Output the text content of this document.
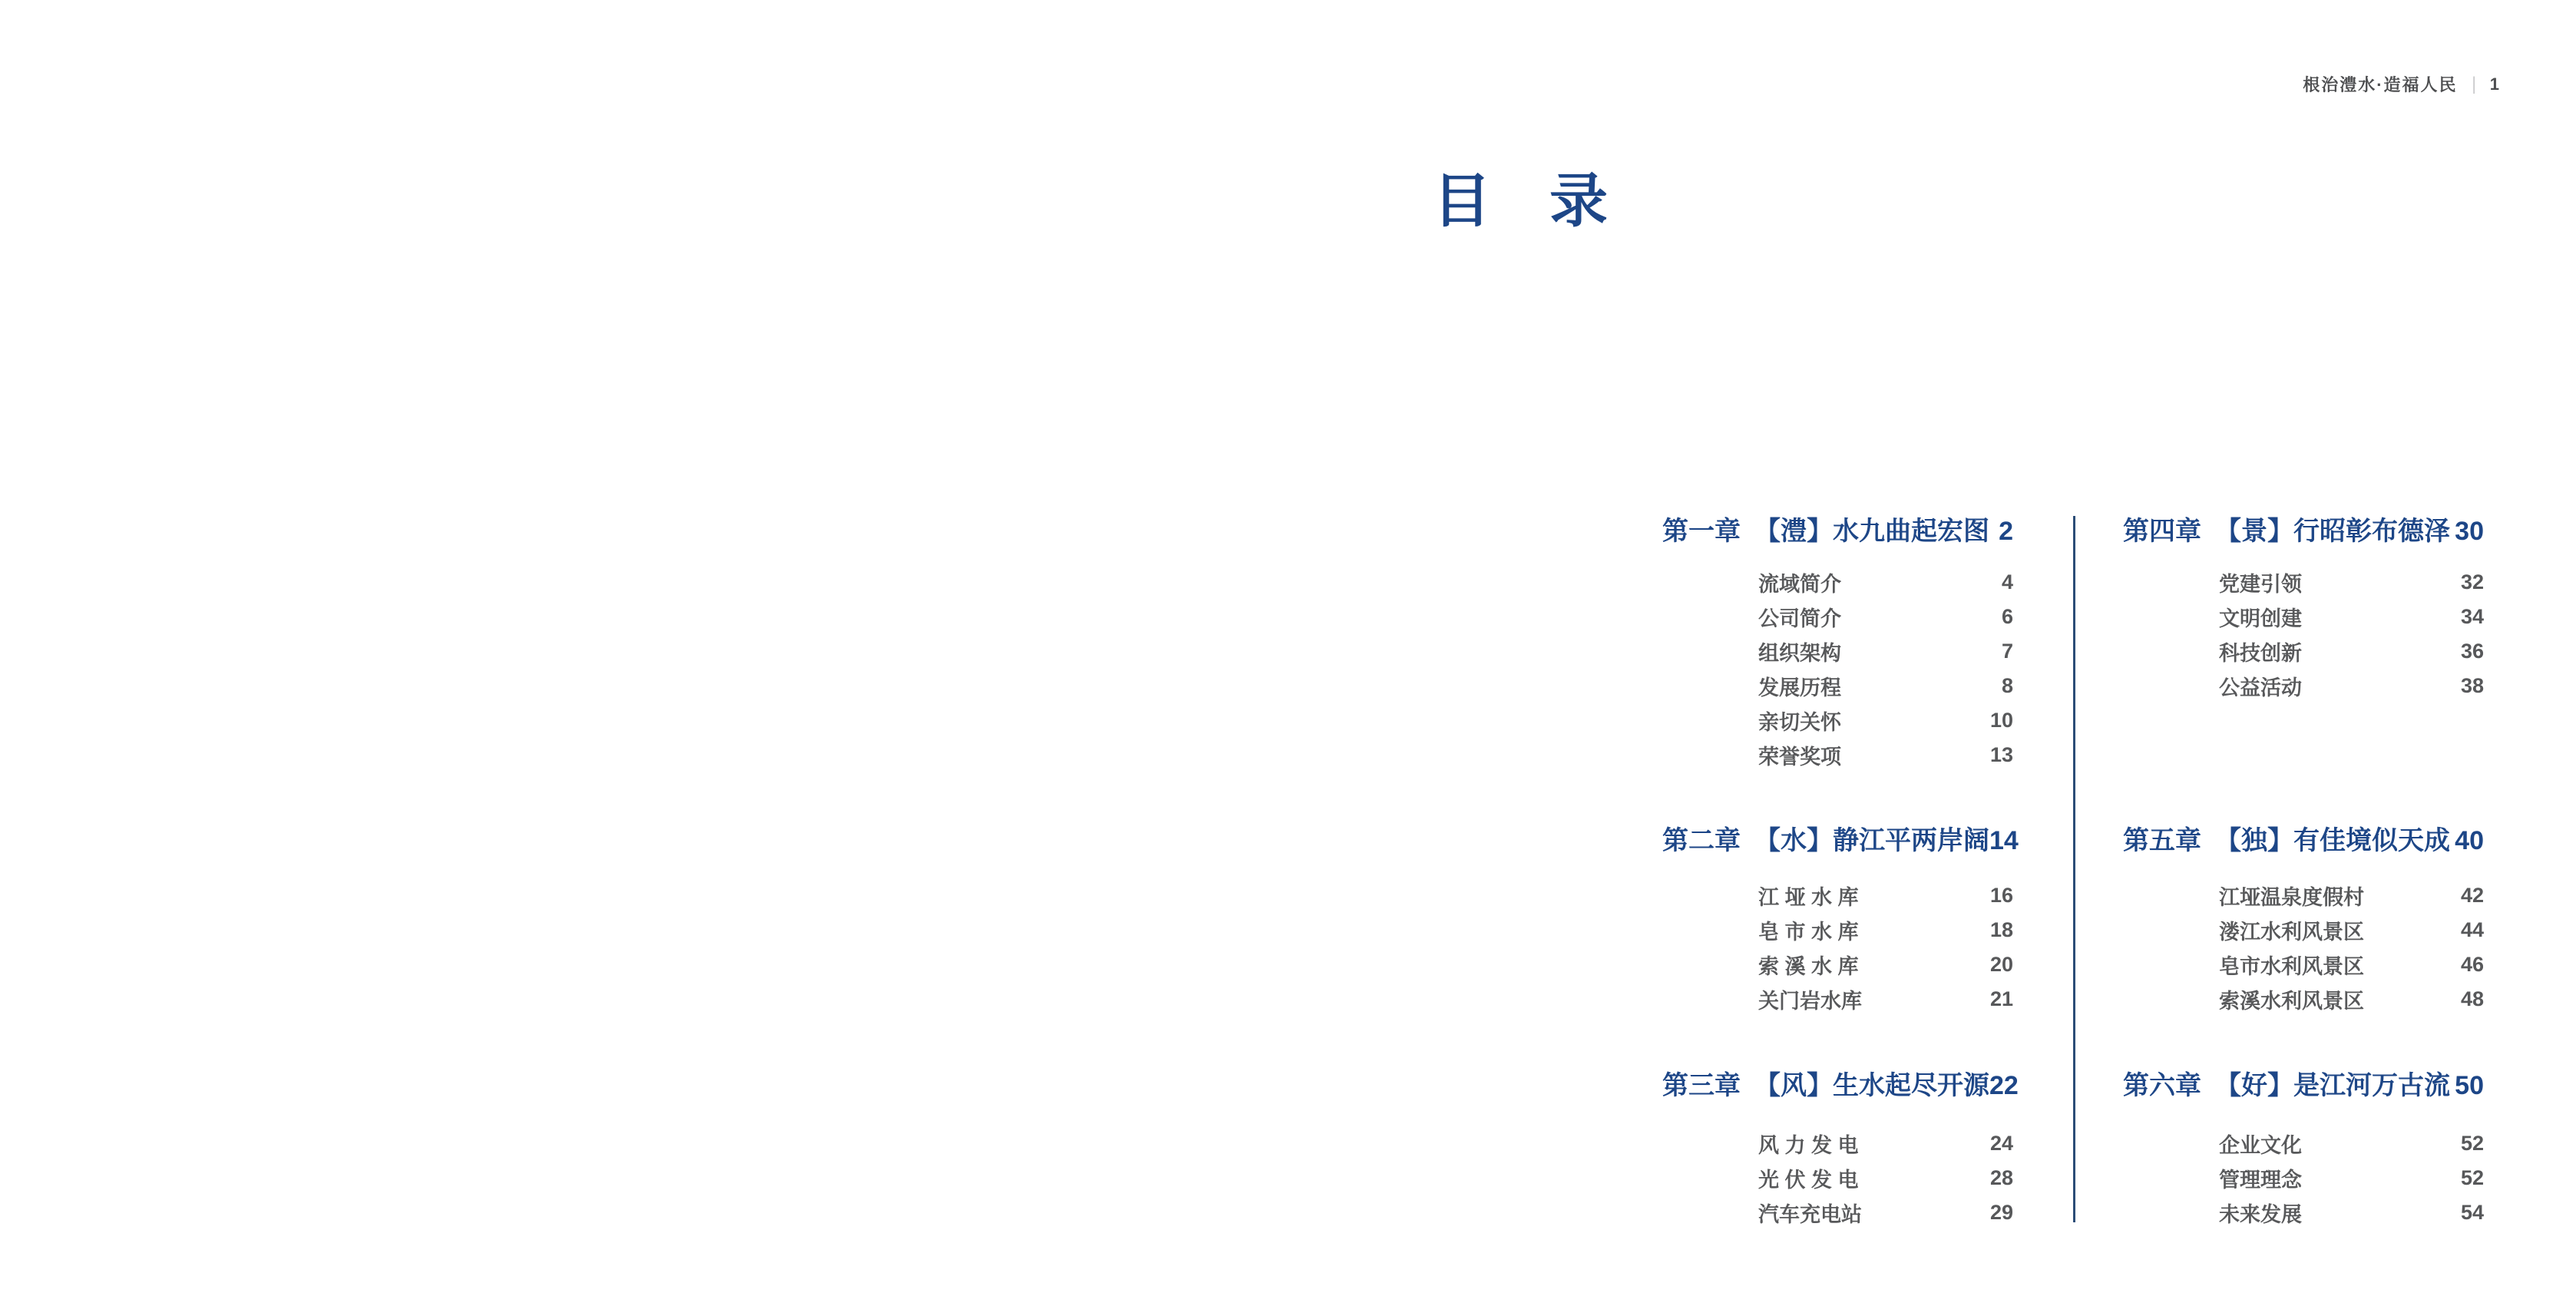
根治澧水·造福人民 | 1
目　录
第一章 【澧】水九曲起宏图 2
流域简介	4
公司简介	6
组织架构	7
发展历程	8
亲切关怀	10
荣誉奖项	13
第二章 【水】静江平两岸阔 14
江 垭 水 库	16
皂 市 水 库	18
索 溪 水 库	20
关门岩水库	21
第三章 【风】生水起尽开源 22
风 力 发 电	24
光 伏 发 电	28
汽车充电站	29
第四章 【景】行昭彰布德泽 30
党建引领	32
文明创建	34
科技创新	36
公益活动	38
第五章 【独】有佳境似天成 40
江垭温泉度假村	42
溇江水利风景区	44
皂市水利风景区	46
索溪水利风景区	48
第六章 【好】是江河万古流 50
企业文化	52
管理理念	52
未来发展	54
